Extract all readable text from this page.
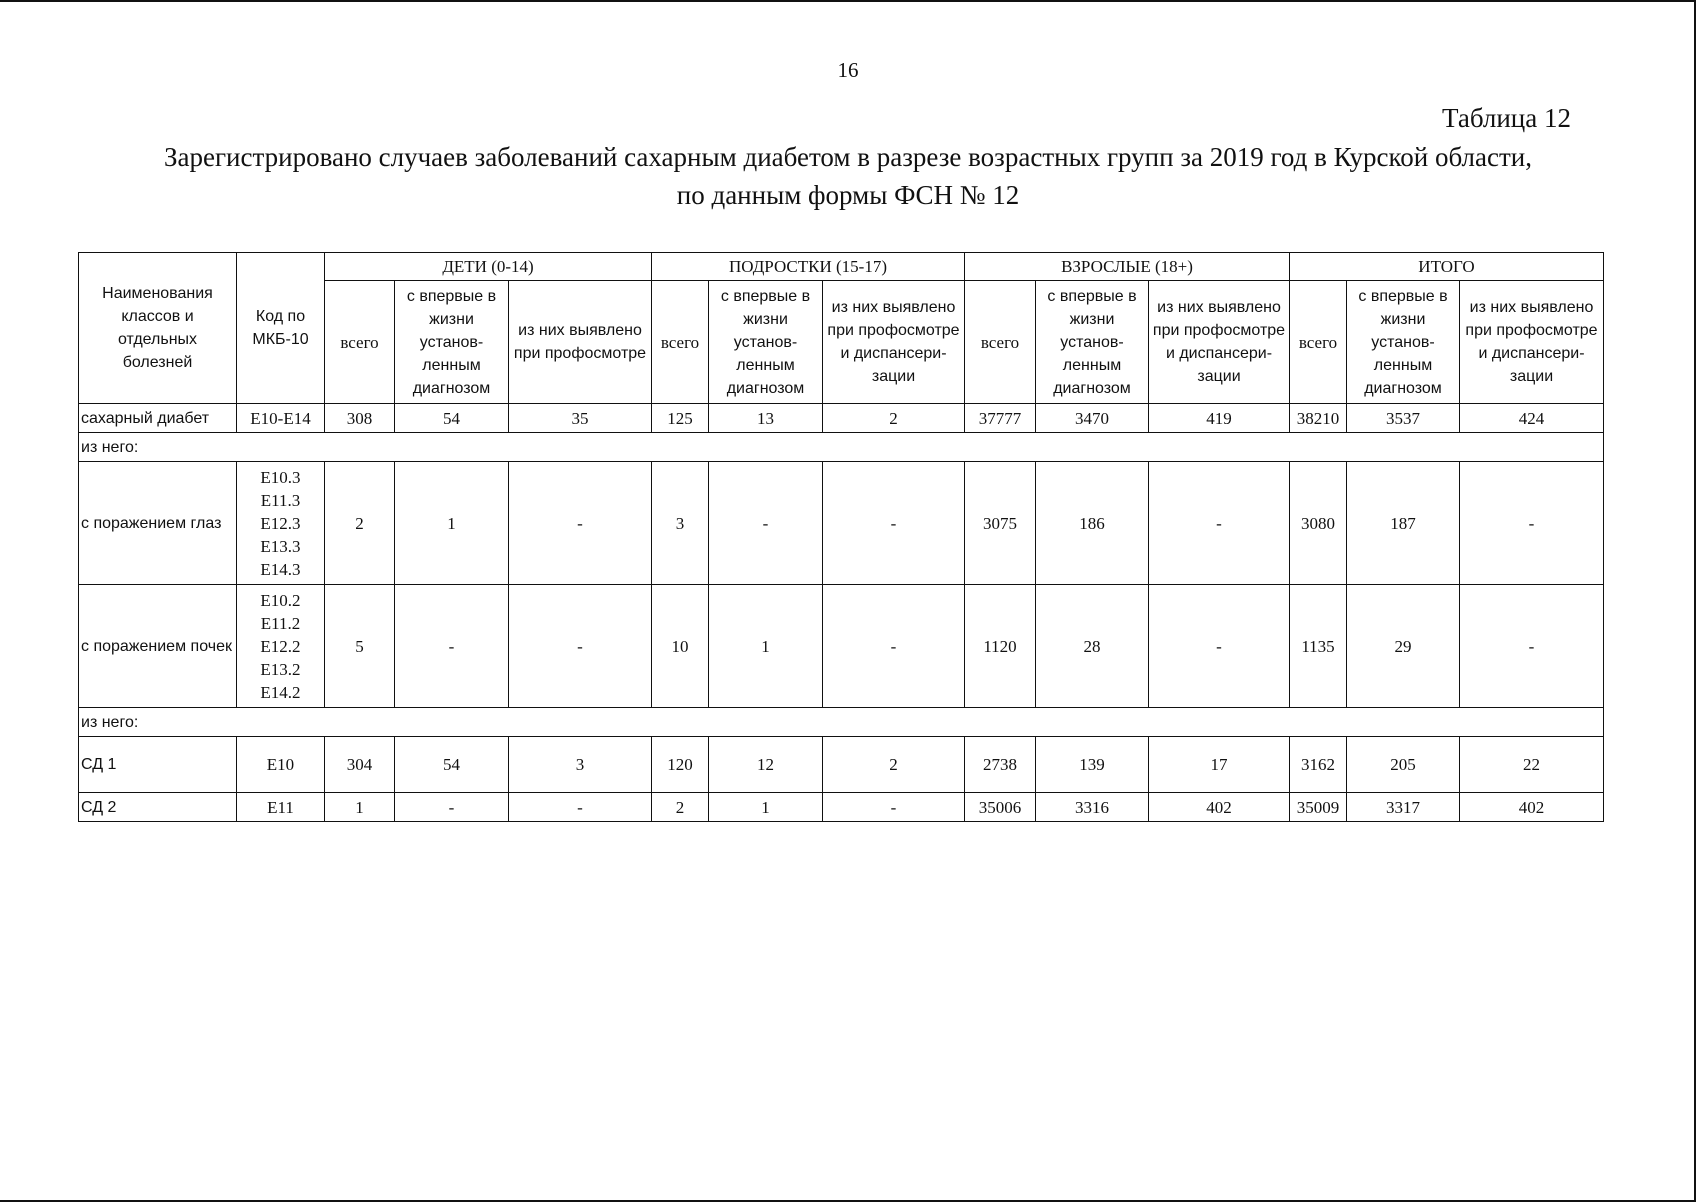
16
Таблица 12
Зарегистрировано случаев заболеваний сахарным диабетом в разрезе возрастных групп за 2019 год в Курской области,
по данным формы ФСН № 12
Наименования классов и отдельных болезней	Код по МКБ-10	ДЕТИ (0-14)			ПОДРОСТКИ (15-17)			ВЗРОСЛЫЕ (18+)			ИТОГО		
		всего	с впервые в жизни установ-ленным диагнозом	из них выявлено при профосмотре	всего	с впервые в жизни установ-ленным диагнозом	из них выявлено при профосмотре и диспансери-зации	всего	с впервые в жизни установ-ленным диагнозом	из них выявлено при профосмотре и диспансери-зации	всего	с впервые в жизни установ-ленным диагнозом	из них выявлено при профосмотре и диспансери-зации
сахарный диабет	E10-E14	308	54	35	125	13	2	37777	3470	419	38210	3537	424
из него:													
с поражением глаз	E10.3
E11.3
E12.3
E13.3
E14.3	2	1	-	3	-	-	3075	186	-	3080	187	-
с поражением почек	E10.2
E11.2
E12.2
E13.2
E14.2	5	-	-	10	1	-	1120	28	-	1135	29	-
из него:													
СД 1	E10	304	54	3	120	12	2	2738	139	17	3162	205	22
СД 2	E11	1	-	-	2	1	-	35006	3316	402	35009	3317	402
